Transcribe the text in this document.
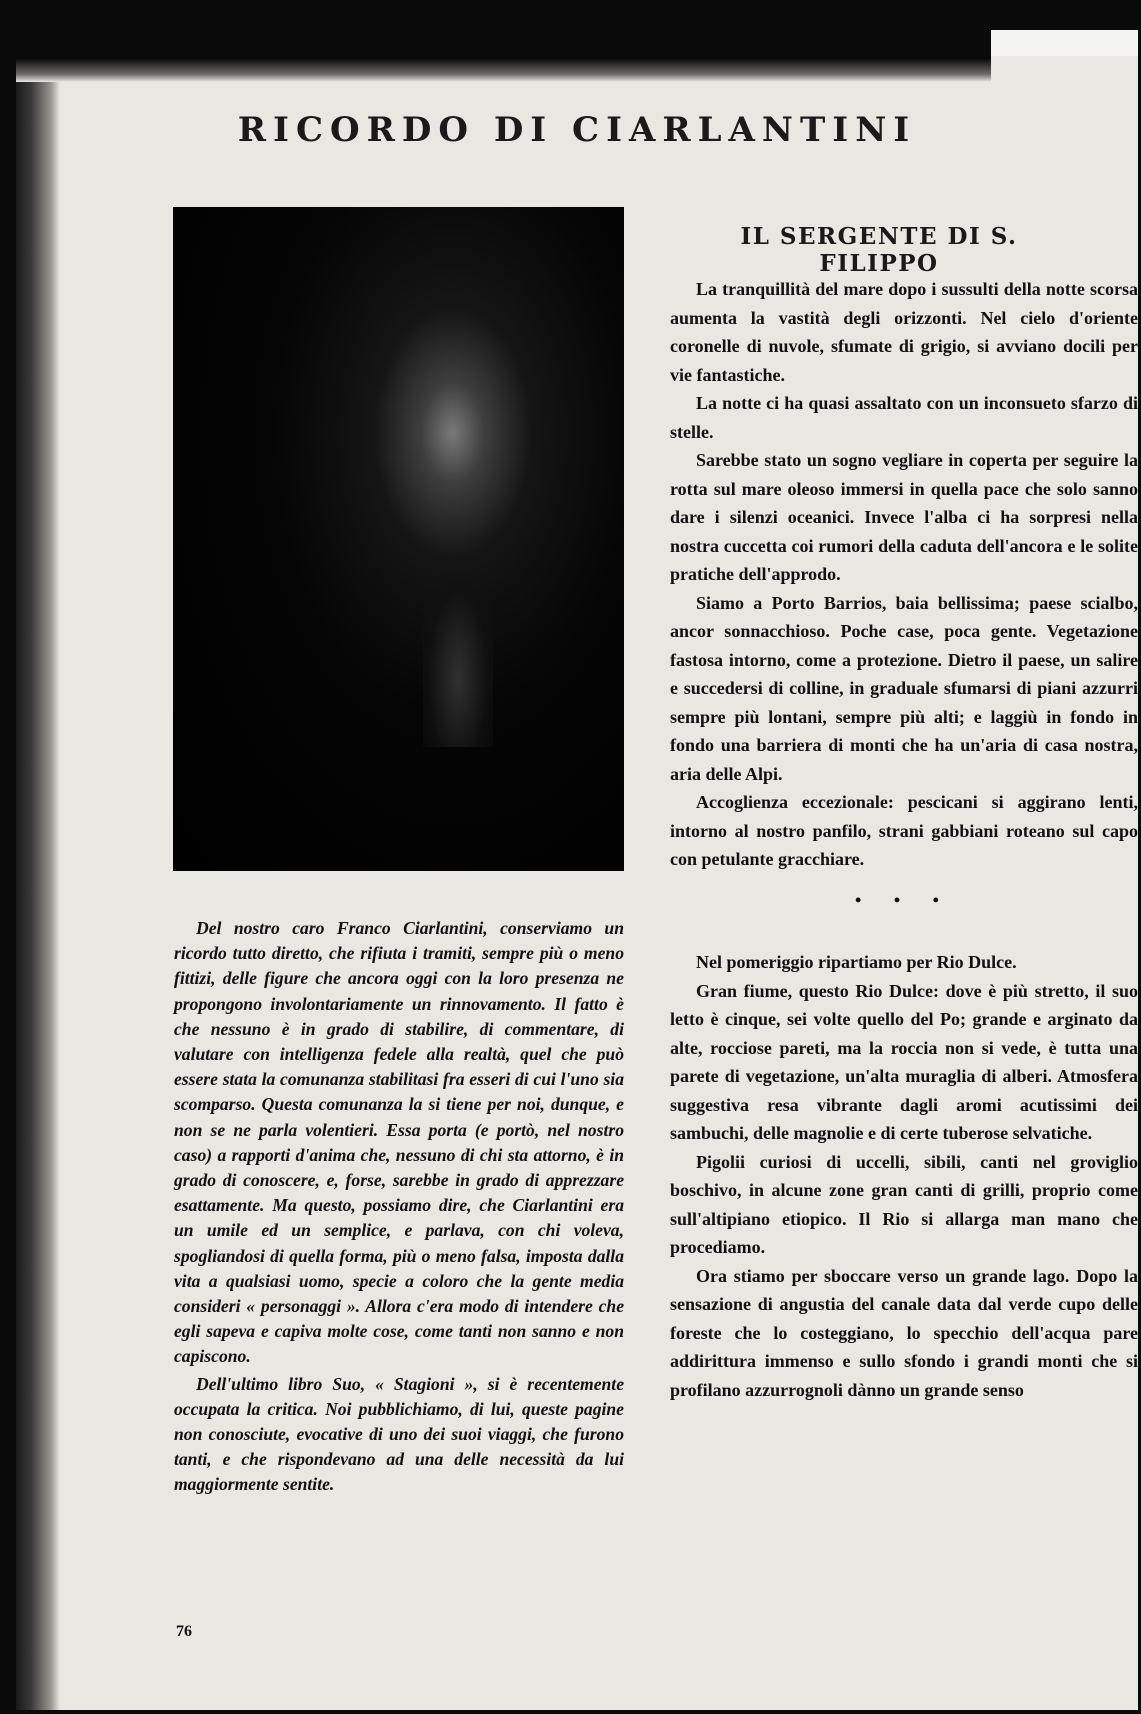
RICORDO DI CIARLANTINI

Del nostro caro Franco Ciarlantini, conserviamo un ricordo tutto diretto, che rifiuta i tramiti, sempre più o meno fittizi, delle figure che ancora oggi con la loro presenza ne propongono involontariamente un rinnovamento. Il fatto è che nessuno è in grado di stabilire, di commentare, di valutare con intelligenza fedele alla realtà, quel che può essere stata la comunanza stabilitasi fra esseri di cui l'uno sia scomparso. Questa comunanza la si tiene per noi, dunque, e non se ne parla volentieri. Essa porta (e portò, nel nostro caso) a rapporti d'anima che, nessuno di chi sta attorno, è in grado di conoscere, e, forse, sarebbe in grado di apprezzare esattamente. Ma questo, possiamo dire, che Ciarlantini era un umile ed un semplice, e parlava, con chi voleva, spogliandosi di quella forma, più o meno falsa, imposta dalla vita a qualsiasi uomo, specie a coloro che la gente media consideri « personaggi ». Allora c'era modo di intendere che egli sapeva e capiva molte cose, come tanti non sanno e non capiscono.

Dell'ultimo libro Suo, « Stagioni », si è recentemente occupata la critica. Noi pubblichiamo, di lui, queste pagine non conosciute, evocative di uno dei suoi viaggi, che furono tanti, e che rispondevano ad una delle necessità da lui maggiormente sentite.

IL SERGENTE DI S. FILIPPO

La tranquillità del mare dopo i sussulti della notte scorsa aumenta la vastità degli orizzonti. Nel cielo d'oriente coronelle di nuvole, sfumate di grigio, si avviano docili per vie fantastiche.

La notte ci ha quasi assaltato con un inconsueto sfarzo di stelle.

Sarebbe stato un sogno vegliare in coperta per seguire la rotta sul mare oleoso immersi in quella pace che solo sanno dare i silenzi oceanici. Invece l'alba ci ha sorpresi nella nostra cuccetta coi rumori della caduta dell'ancora e le solite pratiche dell'approdo.

Siamo a Porto Barrios, baia bellissima; paese scialbo, ancor sonnacchioso. Poche case, poca gente. Vegetazione fastosa intorno, come a protezione. Dietro il paese, un salire e succedersi di colline, in graduale sfumarsi di piani azzurri sempre più lontani, sempre più alti; e laggiù in fondo in fondo una barriera di monti che ha un'aria di casa nostra, aria delle Alpi.

Accoglienza eccezionale: pescicani si aggirano lenti, intorno al nostro panfilo, strani gabbiani roteano sul capo con petulante gracchiare.

• • •

Nel pomeriggio ripartiamo per Rio Dulce.

Gran fiume, questo Rio Dulce: dove è più stretto, il suo letto è cinque, sei volte quello del Po; grande e arginato da alte, rocciose pareti, ma la roccia non si vede, è tutta una parete di vegetazione, un'alta muraglia di alberi. Atmosfera suggestiva resa vibrante dagli aromi acutissimi dei sambuchi, delle magnolie e di certe tuberose selvatiche.

Pigolii curiosi di uccelli, sibili, canti nel groviglio boschivo, in alcune zone gran canti di grilli, proprio come sull'altipiano etiopico. Il Rio si allarga man mano che procediamo.

Ora stiamo per sboccare verso un grande lago. Dopo la sensazione di angustia del canale data dal verde cupo delle foreste che lo costeggiano, lo specchio dell'acqua pare addirittura immenso e sullo sfondo i grandi monti che si profilano azzurrognoli dànno un grande senso

76
